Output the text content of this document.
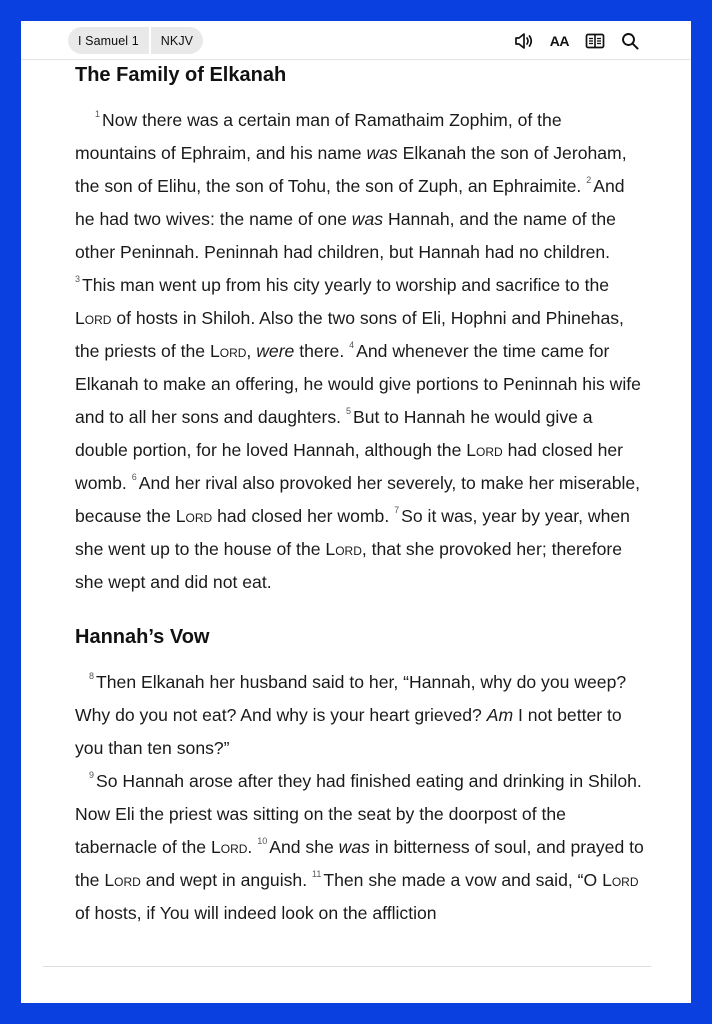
I Samuel 1	NKJV	AA
The Family of Elkanah

$^1$ Now there was a certain man of Ramathaim Zophim, of the mountains of Ephraim, and his name was Elkanah the son of Jeroham, the son of Elihu, the son of Tohu, the son of Zuph, an Ephraimite. $^2$ And he had two wives: the name of one was Hannah, and the name of the other Peninnah. Peninnah had children, but Hannah had no children. $^3$ This man went up from his city yearly to worship and sacrifice to the Lord of hosts in Shiloh. Also the two sons of Eli, Hophni and Phinehas, the priests of the Lord, were there. $^4$ And whenever the time came for Elkanah to make an offering, he would give portions to Peninnah his wife and to all her sons and daughters. $^5$ But to Hannah he would give a double portion, for he loved Hannah, although the Lord had closed her womb. $^6$ And her rival also provoked her severely, to make her miserable, because the Lord had closed her womb. $^7$ So it was, year by year, when she went up to the house of the Lord, that she provoked her; therefore she wept and did not eat.

Hannah’s Vow

$^8$ Then Elkanah her husband said to her, “Hannah, why do you weep? Why do you not eat? And why is your heart grieved? Am I not better to you than ten sons?”

$^9$ So Hannah arose after they had finished eating and drinking in Shiloh. Now Eli the priest was sitting on the seat by the doorpost of the tabernacle of the Lord. $^{10}$ And she was in bitterness of soul, and prayed to the Lord and wept in anguish. $^{11}$ Then she made a vow and said, “O Lord of hosts, if You will indeed look on the affliction
